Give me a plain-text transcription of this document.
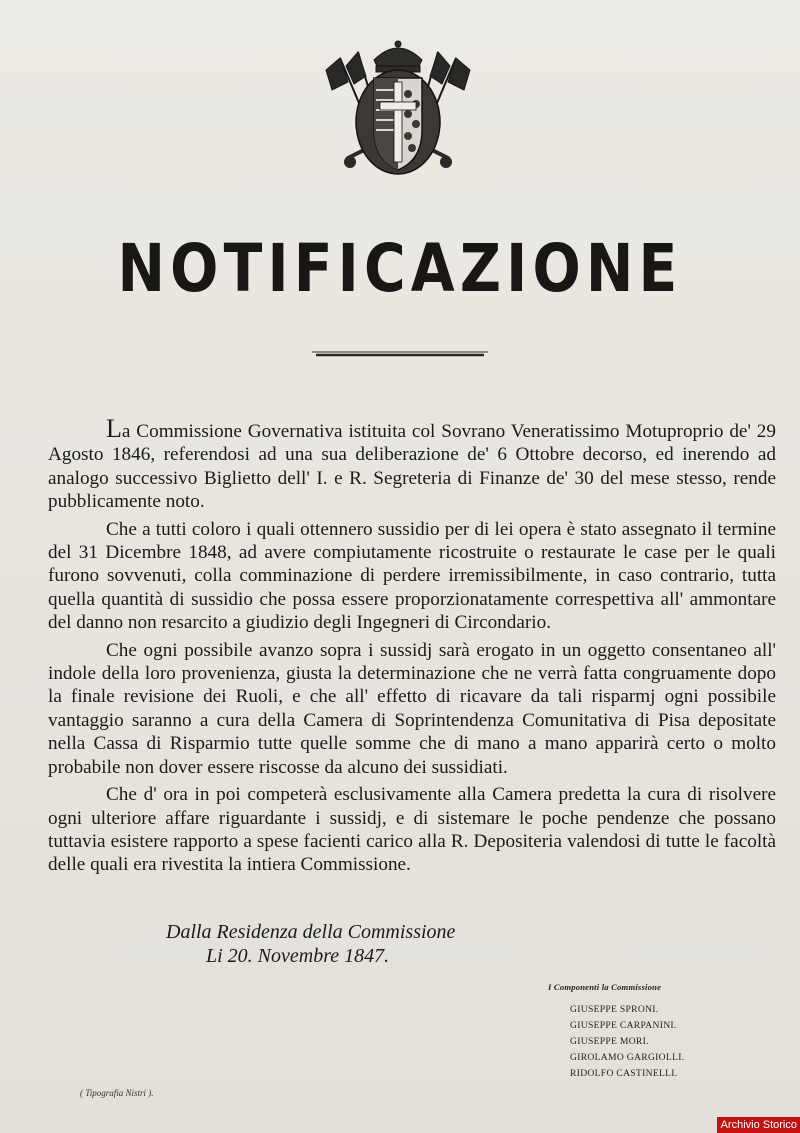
NOTIFICAZIONE

La Commissione Governativa istituita col Sovrano Veneratissimo Motuproprio de' 29 Agosto 1846, referendosi ad una sua deliberazione de' 6 Ottobre decorso, ed inerendo ad analogo successivo Biglietto dell' I. e R. Segreteria di Finanze de' 30 del mese stesso, rende pubblicamente noto.

Che a tutti coloro i quali ottennero sussidio per di lei opera è stato assegnato il termine del 31 Dicembre 1848, ad avere compiutamente ricostruite o restaurate le case per le quali furono sovvenuti, colla comminazione di perdere irremissibilmente, in caso contrario, tutta quella quantità di sussidio che possa essere proporzionatamente correspettiva all' ammontare del danno non resarcito a giudizio degli Ingegneri di Circondario.

Che ogni possibile avanzo sopra i sussidj sarà erogato in un oggetto consentaneo all' indole della loro provenienza, giusta la determinazione che ne verrà fatta congruamente dopo la finale revisione dei Ruoli, e che all' effetto di ricavare da tali risparmj ogni possibile vantaggio saranno a cura della Camera di Soprintendenza Comunitativa di Pisa depositate nella Cassa di Risparmio tutte quelle somme che di mano a mano apparirà certo o molto probabile non dover essere riscosse da alcuno dei sussidiati.

Che d' ora in poi competerà esclusivamente alla Camera predetta la cura di risolvere ogni ulteriore affare riguardante i sussidj, e di sistemare le poche pendenze che possano tuttavia esistere rapporto a spese facienti carico alla R. Depositeria valendosi di tutte le facoltà delle quali era rivestita la intiera Commissione.

Dalla Residenza della Commissione
Li 20. Novembre 1847.
I Componenti la Commissione
GIUSEPPE SPRONI.
GIUSEPPE CARPANINI.
GIUSEPPE MORI.
GIROLAMO GARGIOLLI.
RIDOLFO CASTINELLI.
( Tipografia Nistri ).
Archivio Storico
